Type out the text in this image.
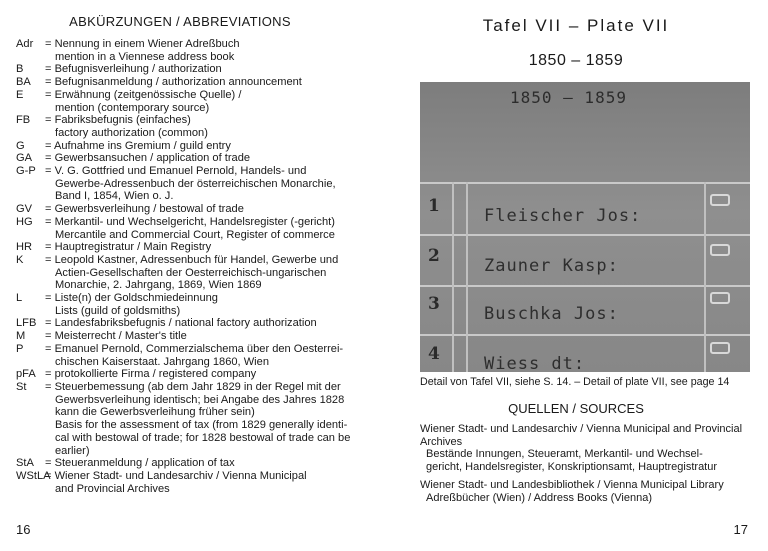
ABKÜRZUNGEN / ABBREVIATIONS
Adr	= Nennung in einem Wiener Adreßbuch
mention in a Viennese address book
B	= Befugnisverleihung / authorization
BA	= Befugnisanmeldung / authorization announcement
E	= Erwähnung (zeitgenössische Quelle) /
mention (contemporary source)
FB	= Fabriksbefugnis (einfaches)
factory authorization (common)
G	= Aufnahme ins Gremium / guild entry
GA	= Gewerbsansuchen / application of trade
G-P	= V. G. Gottfried und Emanuel Pernold, Handels- und
Gewerbe-Adressenbuch der österreichischen Monarchie,
Band I, 1854, Wien o. J.
GV	= Gewerbsverleihung / bestowal of trade
HG	= Merkantil- und Wechselgericht, Handelsregister (-gericht)
Mercantile and Commercial Court, Register of commerce
HR	= Hauptregistratur / Main Registry
K	= Leopold Kastner, Adressenbuch für Handel, Gewerbe und
Actien-Gesellschaften der Oesterreichisch-ungarischen
Monarchie, 2. Jahrgang, 1869, Wien 1869
L	= Liste(n) der Goldschmiedeinnung
Lists (guild of goldsmiths)
LFB	= Landesfabriksbefugnis / national factory authorization
M	= Meisterrecht / Master's title
P	= Emanuel Pernold, Commerzialschema über den Oesterrei-
chischen Kaiserstaat. Jahrgang 1860, Wien
pFA	= protokollierte Firma / registered company
St	= Steuerbemessung (ab dem Jahr 1829 in der Regel mit der
Gewerbsverleihung identisch; bei Angabe des Jahres 1828
kann die Gewerbsverleihung früher sein)
Basis for the assessment of tax (from 1829 generally identi-
cal with bestowal of trade; for 1828 bestowal of trade can be
earlier)
StA	= Steueranmeldung / application of tax
WStLA = Wiener Stadt- und Landesarchiv / Vienna Municipal
and Provincial Archives
16
Tafel VII – Plate VII
1850 – 1859
1850 – 1859
1	Fleischer Jos:
2	Zauner Kasp:
3	Buschka Jos:
4	Wiess dt:
Detail von Tafel VII, siehe S. 14. – Detail of plate VII, see page 14
QUELLEN / SOURCES
Wiener Stadt- und Landesarchiv / Vienna Municipal and Provincial
Archives
Bestände Innungen, Steueramt, Merkantil- und Wechsel-
gericht, Handelsregister, Konskriptionsamt, Hauptregistratur
Wiener Stadt- und Landesbibliothek / Vienna Municipal Library
Adreßbücher (Wien) / Address Books (Vienna)
17
